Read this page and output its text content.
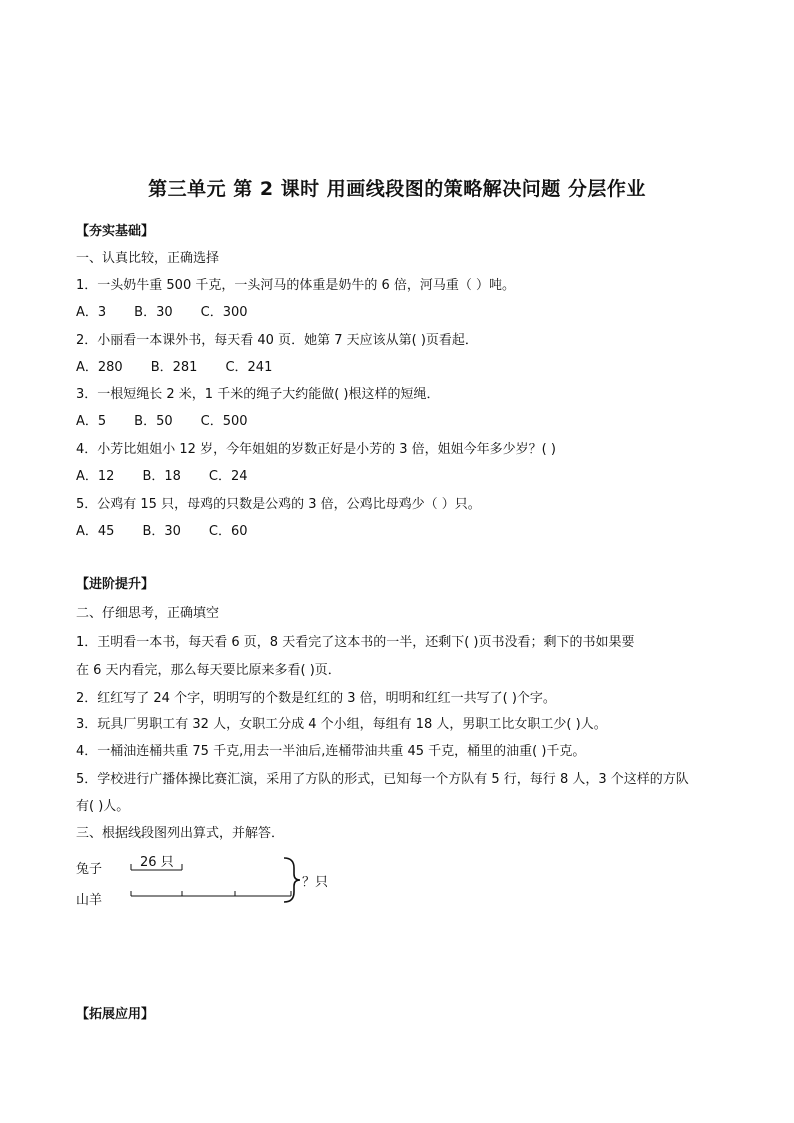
第三单元 第 2 课时 用画线段图的策略解决问题 分层作业
【夯实基础】
一、认真比较，正确选择
1．一头奶牛重 500 千克，一头河马的体重是奶牛的 6 倍，河马重（ ）吨。
A．3 B．30 C．300
2．小丽看一本课外书，每天看 40 页．她第 7 天应该从第( )页看起．
A．280 B．281 C．241
3．一根短绳长 2 米，1 千米的绳子大约能做( )根这样的短绳．
A．5 B．50 C．500
4．小芳比姐姐小 12 岁，今年姐姐的岁数正好是小芳的 3 倍，姐姐今年多少岁？( )
A．12 B．18 C．24
5．公鸡有 15 只，母鸡的只数是公鸡的 3 倍，公鸡比母鸡少（ ）只。
A．45 B．30 C．60
【进阶提升】
二、仔细思考，正确填空
1．王明看一本书，每天看 6 页，8 天看完了这本书的一半，还剩下( )页书没看；剩下的书如果要
在 6 天内看完，那么每天要比原来多看( )页．
2．红红写了 24 个字，明明写的个数是红红的 3 倍，明明和红红一共写了( )个字。
3．玩具厂男职工有 32 人，女职工分成 4 个小组，每组有 18 人，男职工比女职工少( )人。
4．一桶油连桶共重 75 千克,用去一半油后,连桶带油共重 45 千克，桶里的油重( )千克。
5．学校进行广播体操比赛汇演，采用了方队的形式，已知每一个方队有 5 行，每行 8 人，3 个这样的方队
有( )人。
三、根据线段图列出算式，并解答．
兔子	26 只
山羊
？只
【拓展应用】
